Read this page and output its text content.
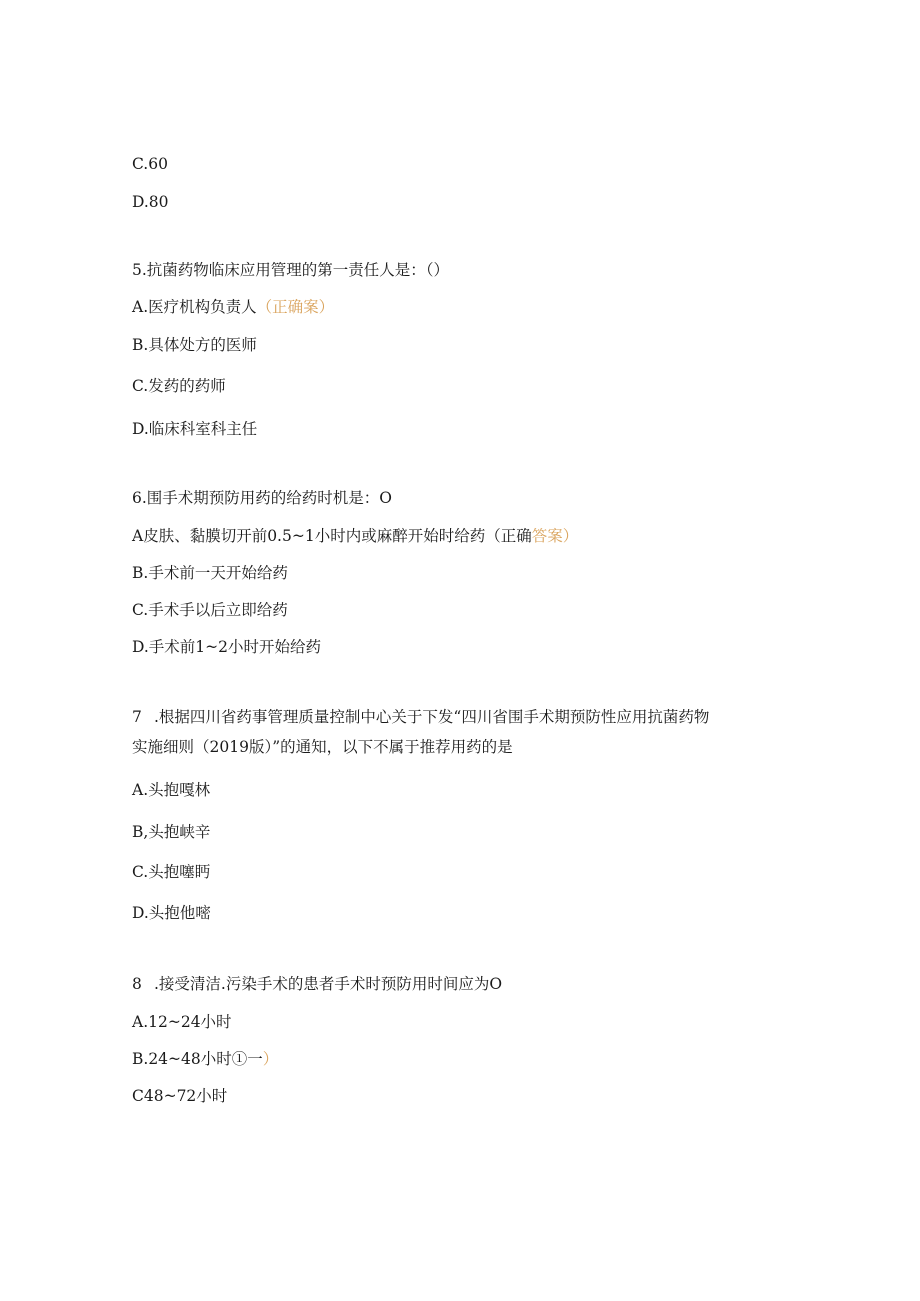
C.60
D.80
5.抗菌药物临床应用管理的第一责任人是：（）
A.医疗机构负责人（正确案）
B.具体处方的医师
C.发药的药师
D.临床科室科主任
6.围手术期预防用药的给药时机是：O
A皮肤、黏膜切开前0.5~1小时内或麻醉开始时给药（正确答案）
B.手术前一天开始给药
C.手术手以后立即给药
D.手术前1~2小时开始给药
7 .根据四川省药事管理质量控制中心关于下发“四川省围手术期预防性应用抗菌药物
实施细则（2019版）”的通知，以下不属于推荐用药的是
A.头抱嘎林
B,头抱峡辛
C.头抱噻眄
D.头抱他嘧
8 .接受清洁.污染手术的患者手术时预防用时间应为O
A.12~24小时
B.24~48小时①一）
C48~72小时
